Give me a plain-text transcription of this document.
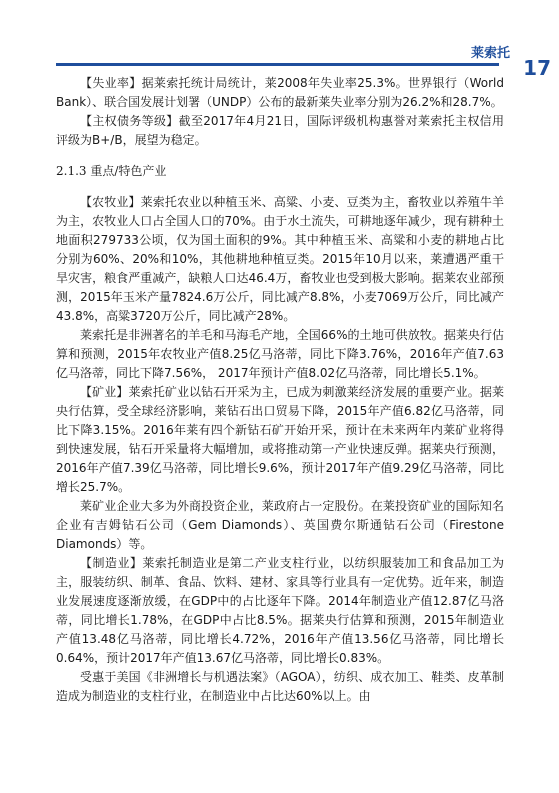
莱索托
17

【失业率】据莱索托统计局统计，莱2008年失业率25.3%。世界银行（World Bank）、联合国发展计划署（UNDP）公布的最新莱失业率分别为26.2%和28.7%。

【主权债务等级】截至2017年4月21日，国际评级机构惠誉对莱索托主权信用评级为B+/B，展望为稳定。

2.1.3 重点/特色产业

【农牧业】莱索托农业以种植玉米、高粱、小麦、豆类为主，畜牧业以养殖牛羊为主，农牧业人口占全国人口的70%。由于水土流失，可耕地逐年减少，现有耕种土地面积279733公顷，仅为国土面积的9%。其中种植玉米、高粱和小麦的耕地占比分别为60%、20%和10%，其他耕地种植豆类。2015年10月以来，莱遭遇严重干旱灾害，粮食严重减产，缺粮人口达46.4万，畜牧业也受到极大影响。据莱农业部预测，2015年玉米产量7824.6万公斤，同比减产8.8%，小麦7069万公斤，同比减产43.8%，高粱3720万公斤，同比减产28%。

莱索托是非洲著名的羊毛和马海毛产地，全国66%的土地可供放牧。据莱央行估算和预测，2015年农牧业产值8.25亿马洛蒂，同比下降3.76%，2016年产值7.63亿马洛蒂，同比下降7.56%， 2017年预计产值8.02亿马洛蒂，同比增长5.1%。

【矿业】莱索托矿业以钻石开采为主，已成为刺激莱经济发展的重要产业。据莱央行估算，受全球经济影响，莱钻石出口贸易下降，2015年产值6.82亿马洛蒂，同比下降3.15%。2016年莱有四个新钻石矿开始开采，预计在未来两年内莱矿业将得到快速发展，钻石开采量将大幅增加，或将推动第一产业快速反弹。据莱央行预测，2016年产值7.39亿马洛蒂，同比增长9.6%，预计2017年产值9.29亿马洛蒂，同比增长25.7%。

莱矿业企业大多为外商投资企业，莱政府占一定股份。在莱投资矿业的国际知名企业有吉姆钻石公司（Gem Diamonds）、英国费尔斯通钻石公司（Firestone Diamonds）等。

【制造业】莱索托制造业是第二产业支柱行业，以纺织服装加工和食品加工为主，服装纺织、制革、食品、饮料、建材、家具等行业具有一定优势。近年来，制造业发展速度逐渐放缓，在GDP中的占比逐年下降。2014年制造业产值12.87亿马洛蒂，同比增长1.78%，在GDP中占比8.5%。据莱央行估算和预测，2015年制造业产值13.48亿马洛蒂，同比增长4.72%，2016年产值13.56亿马洛蒂，同比增长0.64%，预计2017年产值13.67亿马洛蒂，同比增长0.83%。

受惠于美国《非洲增长与机遇法案》（AGOA），纺织、成衣加工、鞋类、皮革制造成为制造业的支柱行业，在制造业中占比达60%以上。由
